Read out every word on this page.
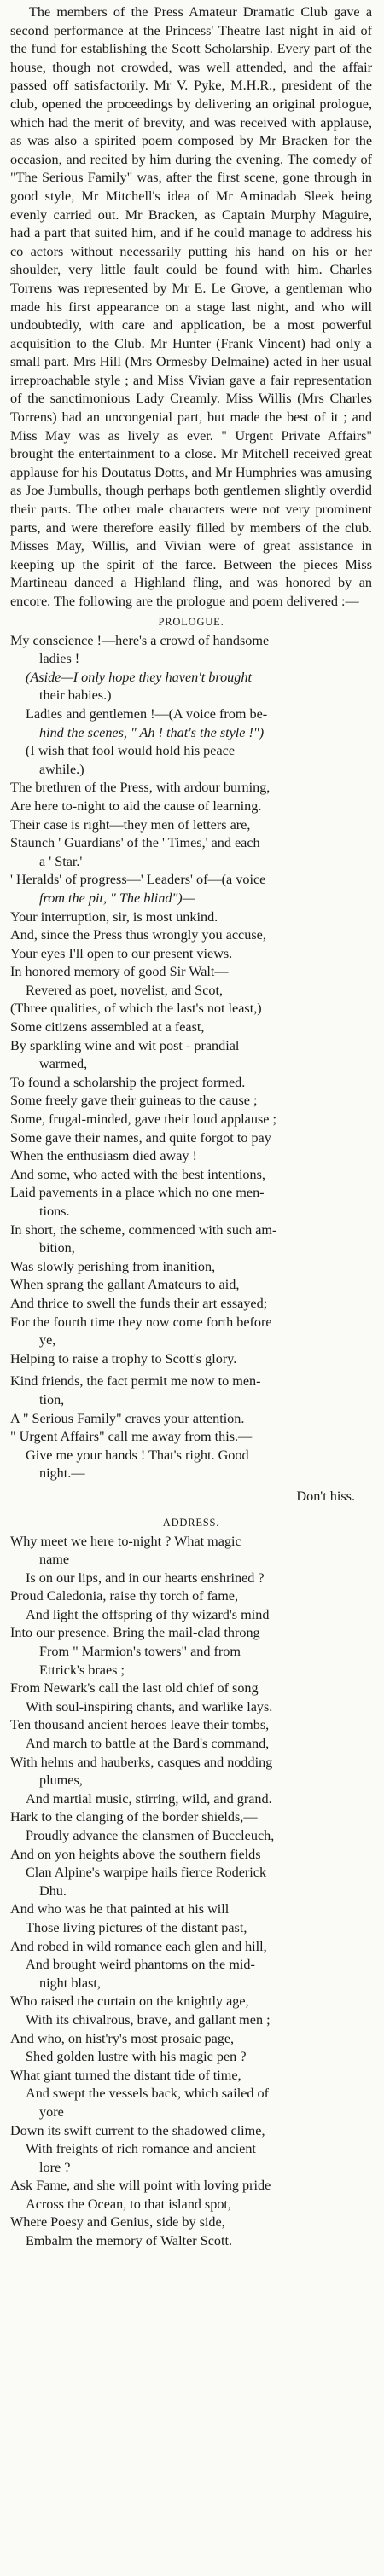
The members of the Press Amateur Dramatic Club gave a second performance at the Princess' Theatre last night in aid of the fund for establishing the Scott Scholarship. Every part of the house, though not crowded, was well attended, and the affair passed off satisfactorily. Mr V. Pyke, M.H.R., president of the club, opened the proceedings by delivering an original prologue, which had the merit of brevity, and was received with applause, as was also a spirited poem composed by Mr Bracken for the occasion, and recited by him during the evening. The comedy of "The Serious Family" was, after the first scene, gone through in good style, Mr Mitchell's idea of Mr Aminadab Sleek being evenly carried out. Mr Bracken, as Captain Murphy Maguire, had a part that suited him, and if he could manage to address his co actors without necessarily putting his hand on his or her shoulder, very little fault could be found with him. Charles Torrens was represented by Mr E. Le Grove, a gentleman who made his first appearance on a stage last night, and who will undoubtedly, with care and application, be a most powerful acquisition to the Club. Mr Hunter (Frank Vincent) had only a small part. Mrs Hill (Mrs Ormesby Delmaine) acted in her usual irreproachable style ; and Miss Vivian gave a fair representation of the sanctimonious Lady Creamly. Miss Willis (Mrs Charles Torrens) had an uncongenial part, but made the best of it ; and Miss May was as lively as ever. " Urgent Private Affairs" brought the entertainment to a close. Mr Mitchell received great applause for his Doutatus Dotts, and Mr Humphries was amusing as Joe Jumbulls, though perhaps both gentlemen slightly overdid their parts. The other male characters were not very prominent parts, and were therefore easily filled by members of the club. Misses May, Willis, and Vivian were of great assistance in keeping up the spirit of the farce. Between the pieces Miss Martineau danced a Highland fling, and was honored by an encore. The following are the prologue and poem delivered :—

PROLOGUE.
My conscience !—here's a crowd of handsome
ladies !
(Aside—I only hope they haven't brought
their babies.)
Ladies and gentlemen !—(A voice from be-
hind the scenes, " Ah ! that's the style !")
(I wish that fool would hold his peace
awhile.)
The brethren of the Press, with ardour burning,
Are here to-night to aid the cause of learning.
Their case is right—they men of letters are,
Staunch ' Guardians' of the ' Times,' and each
a ' Star.'
' Heralds' of progress—' Leaders' of—(a voice
from the pit, " The blind")—
Your interruption, sir, is most unkind.
And, since the Press thus wrongly you accuse,
Your eyes I'll open to our present views.
In honored memory of good Sir Walt—
Revered as poet, novelist, and Scot,
(Three qualities, of which the last's not least,)
Some citizens assembled at a feast,
By sparkling wine and wit post - prandial
warmed,
To found a scholarship the project formed.
Some freely gave their guineas to the cause ;
Some, frugal-minded, gave their loud applause ;
Some gave their names, and quite forgot to pay
When the enthusiasm died away !
And some, who acted with the best intentions,
Laid pavements in a place which no one men-
tions.
In short, the scheme, commenced with such am-
bition,
Was slowly perishing from inanition,
When sprang the gallant Amateurs to aid,
And thrice to swell the funds their art essayed;
For the fourth time they now come forth before
ye,
Helping to raise a trophy to Scott's glory.
Kind friends, the fact permit me now to men-
tion,
A " Serious Family" craves your attention.
" Urgent Affairs" call me away from this.—
Give me your hands ! That's right. Good
night.—
Don't hiss.
ADDRESS.
Why meet we here to-night ? What magic
name
Is on our lips, and in our hearts enshrined ?
Proud Caledonia, raise thy torch of fame,
And light the offspring of thy wizard's mind
Into our presence. Bring the mail-clad throng
From " Marmion's towers" and from
Ettrick's braes ;
From Newark's call the last old chief of song
With soul-inspiring chants, and warlike lays.
Ten thousand ancient heroes leave their tombs,
And march to battle at the Bard's command,
With helms and hauberks, casques and nodding
plumes,
And martial music, stirring, wild, and grand.
Hark to the clanging of the border shields,—
Proudly advance the clansmen of Buccleuch,
And on yon heights above the southern fields
Clan Alpine's warpipe hails fierce Roderick
Dhu.
And who was he that painted at his will
Those living pictures of the distant past,
And robed in wild romance each glen and hill,
And brought weird phantoms on the mid-
night blast,
Who raised the curtain on the knightly age,
With its chivalrous, brave, and gallant men ;
And who, on hist'ry's most prosaic page,
Shed golden lustre with his magic pen ?
What giant turned the distant tide of time,
And swept the vessels back, which sailed of
yore
Down its swift current to the shadowed clime,
With freights of rich romance and ancient
lore ?
Ask Fame, and she will point with loving pride
Across the Ocean, to that island spot,
Where Poesy and Genius, side by side,
Embalm the memory of Walter Scott.
